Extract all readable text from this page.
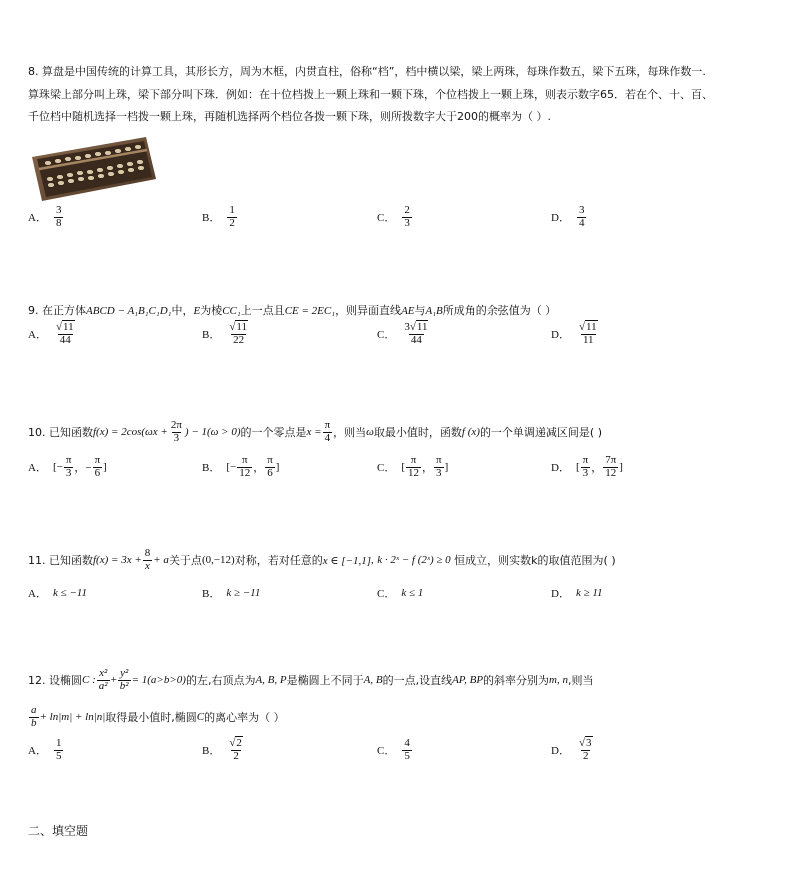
8. 算盘是中国传统的计算工具，其形长方，周为木框，内贯直柱，俗称“档”，档中横以梁，梁上两珠，每珠作数五，梁下五珠，每珠作数一.
算珠梁上部分叫上珠，梁下部分叫下珠．例如：在十位档拨上一颗上珠和一颗下珠，个位档拨上一颗上珠，则表示数字65．若在个、十、百、
千位档中随机选择一档拨一颗上珠，再随机选择两个档位各拨一颗下珠，则所拨数字大于200的概率为（ ）.
A． $\frac{3}{8}$	B． $\frac{1}{2}$	C． $\frac{2}{3}$	D． $\frac{3}{4}$
9. 在正方体ABCD − A₁B₁C₁D₁中，E为棱CC₁上一点且CE = 2EC₁，则异面直线AE与A₁B所成角的余弦值为（ ）
A． $\frac{√11}{44}$	B． $\frac{√11}{22}$	C． $\frac{3√11}{44}$	D． $\frac{√11}{11}$
10. 已知函数 $f(x) = 2\cos(\omega x + \frac{2\pi}{3}$ ) − 1(ω > 0) 的一个零点是 $x = \frac{\pi}{4}$ ，则当 ω 取最小值时，函数 f (x) 的一个单调递减区间是( )
A． [− $\frac{\pi}{3}$ ，− $\frac{\pi}{6}$ ]	B． [− $\frac{\pi}{12}$ ， $\frac{\pi}{6}$ ]	C． [ $\frac{\pi}{12}$ ， $\frac{\pi}{3}$ ]	D． [ $\frac{\pi}{3}$ ， $\frac{7\pi}{12}$ ]
11. 已知函数 $f(x) = 3x + \frac{8}{x} + a$ 关于点 (0,−12) 对称，若对任意的 x ∈ [−1,1] ,
k · 2ˣ − f (2ˣ) ≥ 0
恒成立，则实数k的取值范围为( )
A． k ≤ −11	B． k ≥ −11	C． k ≤ 1	D． k ≥ 11
12. 设椭圆 C : $\frac{\text{x²}}{\text{a²}} + \frac{\text{y²}}{\text{b²}} = 1(a>b>0)$ 的左,右顶点为 A, B, P 是椭圆上不同于 A, B 的一点,设直线 AP, BP 的斜率分别为 m, n ,则当
$\frac{a}{b} + \ln|m| + \ln|n|$ 取得最小值时,椭圆 C 的离心率为（ ）
A． $\frac{1}{5}$	B． $\frac{√2}{2}$	C． $\frac{4}{5}$	D． $\frac{√3}{2}$
二、填空题
